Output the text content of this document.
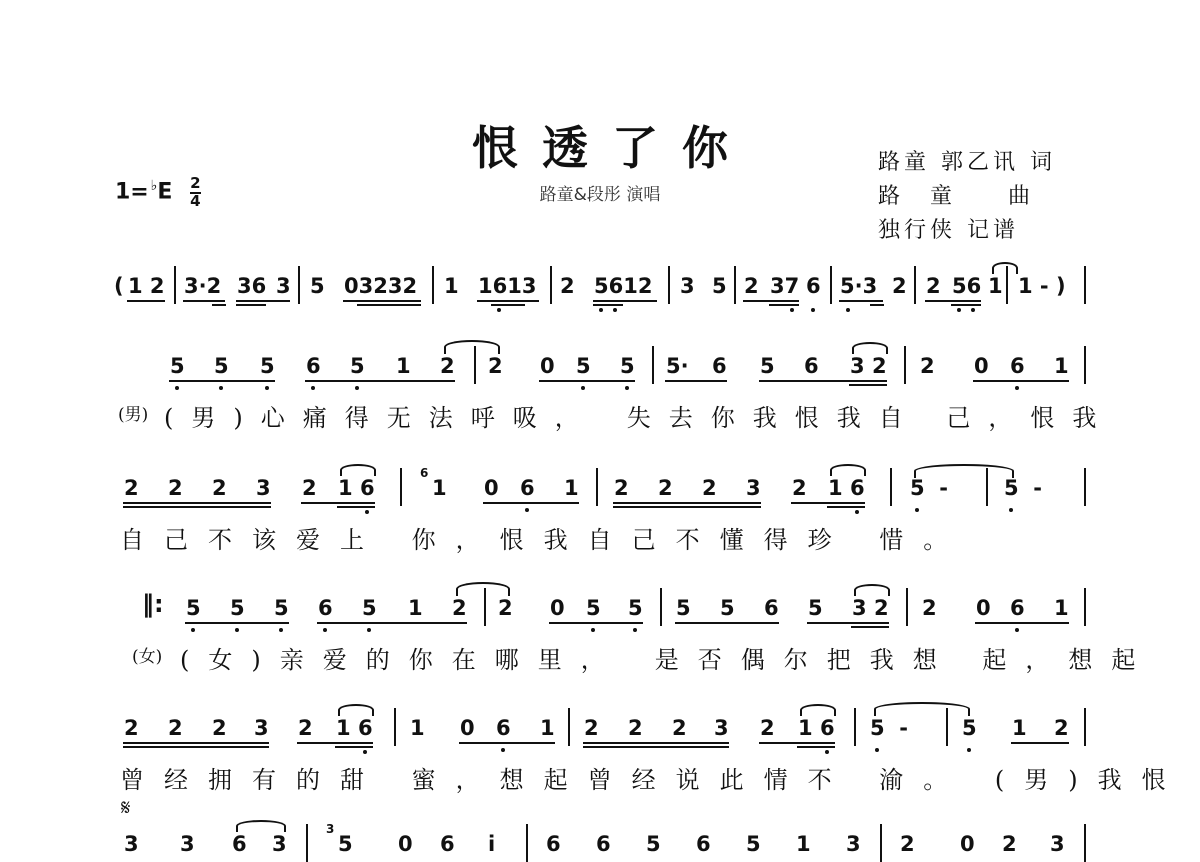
恨透了你
路童&段彤 演唱
路童 郭乙讯 词
路　童　　曲
独行侠 记谱
$1= ^♭E \frac{2}{4}$
( 1 2 3·2 36 3 5 03232 1 1613 2 5612 3 5 2 37 6 5·3 2 2 56 1 1 - )
5 5 5 6 5 1 2 2 0 5 5 5· 6 5 6 3 2 2 0 6 1

(男)

(男)心痛得无法呼吸，　失去你我恨我自 己，恨我

2 2 2 3 2 1 6
6
1 0 6 1 2 2 2 3 2 1 6 5  -	5  -

自己不该爱上 你，恨我自己不懂得珍 惜。

‖: 5 5 5 6 5 1 2 2 0 5 5 5 5 6 5 3 2 2 0 6 1

(女)

(女)亲爱的你在哪里，　是否偶尔把我想 起，想起

2 2 2 3 2 1 6 1 0 6 1 2 2 2 3 2 1 6 5  -	5 1 2

曾经拥有的甜 蜜，想起曾经说此情不 渝。 (男)我恨

𝄋
3 3 6 3
3
5 0 6 i 6 6 5 6 5 1 3 2 0 2 3
